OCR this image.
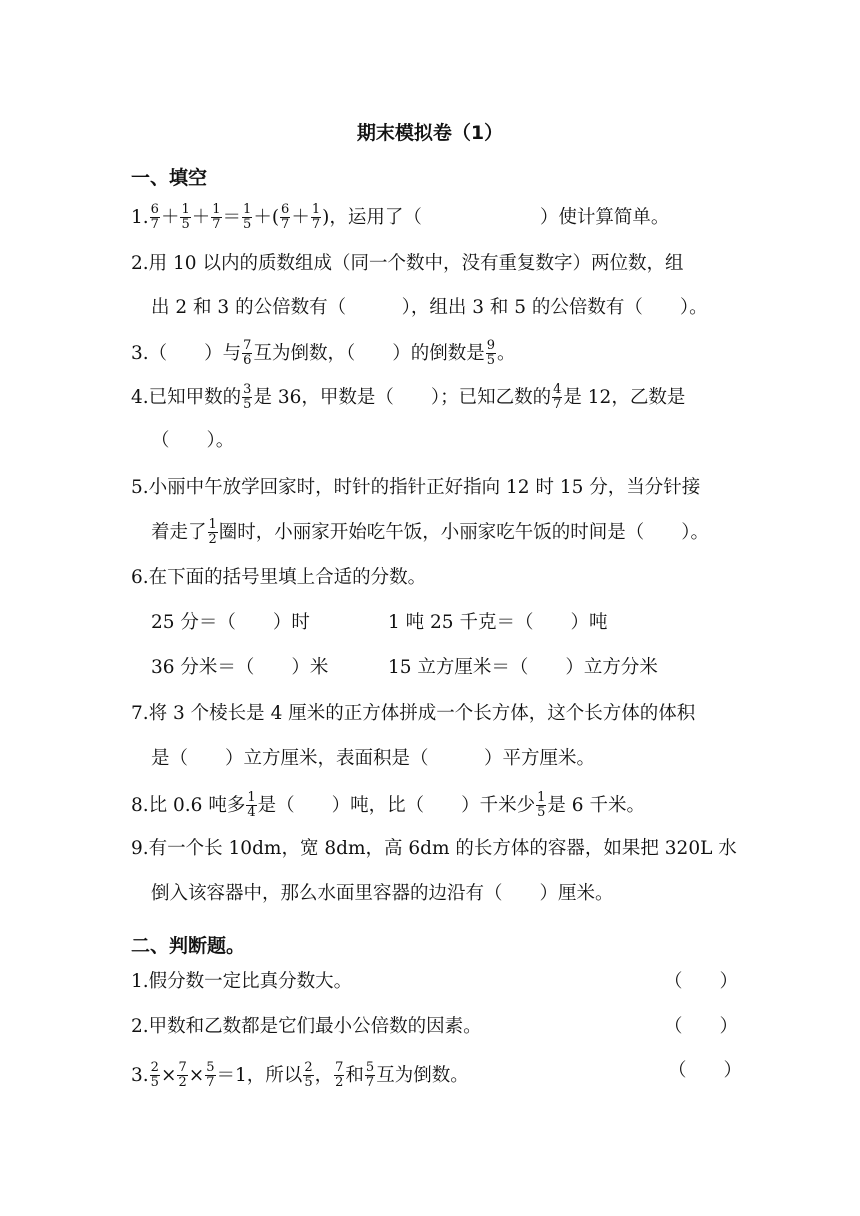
期末模拟卷（1）
一、填空
1. $\frac{6}{7} + \frac{1}{5} + \frac{1}{7} = \frac{1}{5}$ ＋( $\frac{6}{7} + \frac{1}{7}$ )，运用了（	）使计算简单。
2.用 10 以内的质数组成（同一个数中，没有重复数字）两位数，组
出 2 和 3 的公倍数有（　　　），组出 3 和 5 的公倍数有（　　）。
3.（　　）与 $\frac{7}{6}$ 互为倒数，（　　）的倒数是 $\frac{9}{5}$ 。
4.已知甲数的 $\frac{3}{5}$ 是 36，甲数是（　　）；已知乙数的 $\frac{4}{7}$ 是 12，乙数是
（　　）。
5.小丽中午放学回家时，时针的指针正好指向 12 时 15 分，当分针接
着走了 $\frac{1}{2}$ 圈时，小丽家开始吃午饭，小丽家吃午饭的时间是（　　）。
6.在下面的括号里填上合适的分数。
25 分＝（　　）时	1 吨 25 千克＝（　　）吨
36 分米＝（　　）米	15 立方厘米＝（　　）立方分米
7.将 3 个棱长是 4 厘米的正方体拼成一个长方体，这个长方体的体积
是（　　）立方厘米，表面积是（　　　）平方厘米。
8.比 0.6 吨多 $\frac{1}{4}$ 是（　　）吨，比（　　）千米少 $\frac{1}{5}$ 是 6 千米。
9.有一个长 10dm，宽 8dm，高 6dm 的长方体的容器，如果把 320L 水
倒入该容器中，那么水面里容器的边沿有（　　）厘米。
二、判断题。
1.假分数一定比真分数大。	（　　）
2.甲数和乙数都是它们最小公倍数的因素。	（　　）
3. $\frac{2}{5} \times \frac{7}{2} \times \frac{5}{7} =1$，所以 $\frac{2}{5}$ ， $\frac{7}{2}$ 和 $\frac{5}{7}$ 互为倒数。	（　　）
